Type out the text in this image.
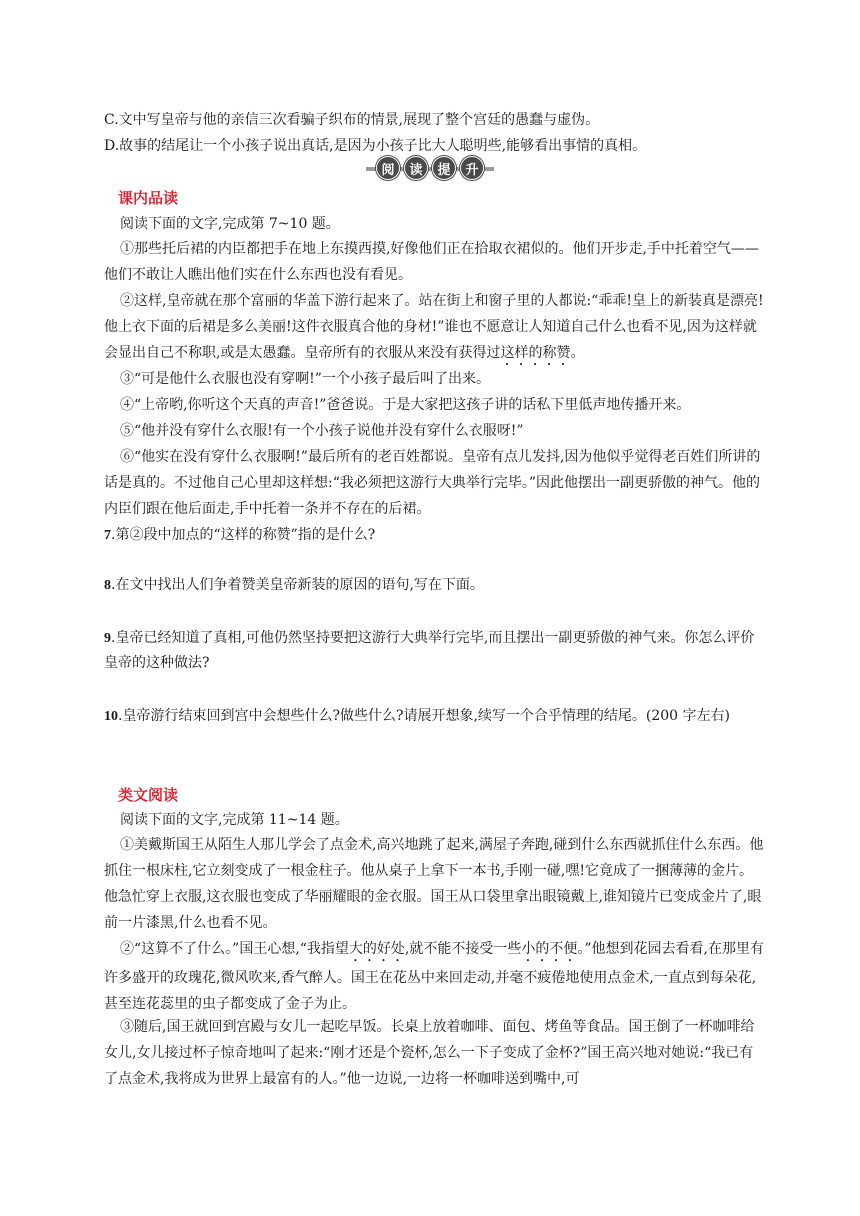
C.文中写皇帝与他的亲信三次看骗子织布的情景,展现了整个宫廷的愚蠢与虚伪。
D.故事的结尾让一个小孩子说出真话,是因为小孩子比大人聪明些,能够看出事情的真相。
阅	读	提	升
课内品读
阅读下面的文字,完成第 7~10 题。
①那些托后裙的内臣都把手在地上东摸西摸,好像他们正在拾取衣裙似的。他们开步走,手中托着空气——他们不敢让人瞧出他们实在什么东西也没有看见。
②这样,皇帝就在那个富丽的华盖下游行起来了。站在街上和窗子里的人都说:“乖乖!皇上的新装真是漂亮!他上衣下面的后裙是多么美丽!这件衣服真合他的身材!”谁也不愿意让人知道自己什么也看不见,因为这样就会显出自己不称职,或是太愚蠢。皇帝所有的衣服从来没有获得过这样的称赞。
③“可是他什么衣服也没有穿啊!”一个小孩子最后叫了出来。
④“上帝哟,你听这个天真的声音!”爸爸说。于是大家把这孩子讲的话私下里低声地传播开来。
⑤“他并没有穿什么衣服!有一个小孩子说他并没有穿什么衣服呀!”
⑥“他实在没有穿什么衣服啊!”最后所有的老百姓都说。皇帝有点儿发抖,因为他似乎觉得老百姓们所讲的话是真的。不过他自己心里却这样想:“我必须把这游行大典举行完毕。”因此他摆出一副更骄傲的神气。他的内臣们跟在他后面走,手中托着一条并不存在的后裙。
7.第②段中加点的“这样的称赞”指的是什么?
8.在文中找出人们争着赞美皇帝新装的原因的语句,写在下面。
9.皇帝已经知道了真相,可他仍然坚持要把这游行大典举行完毕,而且摆出一副更骄傲的神气来。你怎么评价皇帝的这种做法?
10.皇帝游行结束回到宫中会想些什么?做些什么?请展开想象,续写一个合乎情理的结尾。(200 字左右)
类文阅读
阅读下面的文字,完成第 11~14 题。
①美戴斯国王从陌生人那儿学会了点金术,高兴地跳了起来,满屋子奔跑,碰到什么东西就抓住什么东西。他抓住一根床柱,它立刻变成了一根金柱子。他从桌子上拿下一本书,手刚一碰,嘿!它竟成了一捆薄薄的金片。他急忙穿上衣服,这衣服也变成了华丽耀眼的金衣服。国王从口袋里拿出眼镜戴上,谁知镜片已变成金片了,眼前一片漆黑,什么也看不见。
②“这算不了什么。”国王心想,“我指望大的好处,就不能不接受一些小的不便。”他想到花园去看看,在那里有许多盛开的玫瑰花,微风吹来,香气醉人。国王在花丛中来回走动,并毫不疲倦地使用点金术,一直点到每朵花,甚至连花蕊里的虫子都变成了金子为止。
③随后,国王就回到宫殿与女儿一起吃早饭。长桌上放着咖啡、面包、烤鱼等食品。国王倒了一杯咖啡给女儿,女儿接过杯子惊奇地叫了起来:“刚才还是个瓷杯,怎么一下子变成了金杯?”国王高兴地对她说:“我已有了点金术,我将成为世界上最富有的人。”他一边说,一边将一杯咖啡送到嘴中,可
